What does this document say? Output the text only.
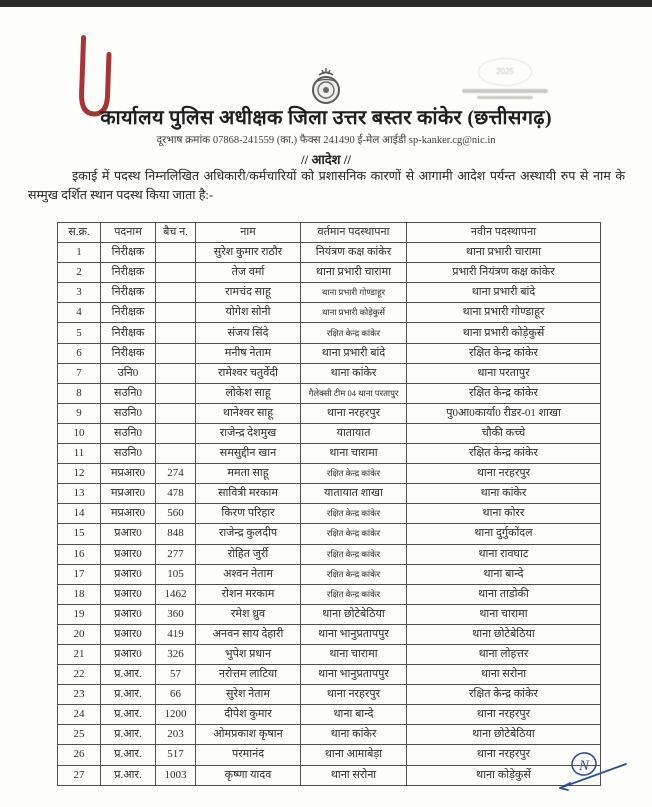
2025
कार्यालय पुलिस अधीक्षक जिला उत्तर बस्तर कांकेर (छत्तीसगढ़)
दूरभाष क्रमांक 07868-241559 (का.) फैक्स 241490 ई-मेल आईडी sp-kanker.cg@nic.in
// आदेश //
इकाई में पदस्थ निम्नलिखित अधिकारी/कर्मचारियों को प्रशासनिक कारणों से आगामी आदेश पर्यन्त अस्थायी रुप से नाम के सम्मुख दर्शित स्थान पदस्थ किया जाता है:-
स.क्र.	पदनाम	बैच न.	नाम	वर्तमान पदस्थापना	नवीन पदस्थापना
1	निरीक्षक		सुरेश कुमार राठौर	नियंत्रण कक्ष कांकेर	थाना प्रभारी चारामा
2	निरीक्षक		तेज वर्मा	थाना प्रभारी चारामा	प्रभारी नियंत्रण कक्ष कांकेर
3	निरीक्षक		रामचंद साहू	थाना प्रभारी गोण्डाहूर	थाना प्रभारी बांदे
4	निरीक्षक		योगेश सोनी	थाना प्रभारी कोड़ेकुर्से	थाना प्रभारी गोण्डाहूर
5	निरीक्षक		संजय सिंदे	रक्षित केन्द्र कांकेर	थाना प्रभारी कोड़ेकुर्से
6	निरीक्षक		मनीष नेताम	थाना प्रभारी बांदे	रक्षित केन्द्र कांकेर
7	उनि0		रामेश्वर चतुर्वेदी	थाना कांकेर	थाना परतापुर
8	सउनि0		लोकेश साहू	गैलेक्सी टीम 04 थाना परतापुर	रक्षित केन्द्र कांकेर
9	सउनि0		थानेश्वर साहू	थाना नरहरपुर	पु0आ0कार्या0 रीडर-01 शाखा
10	सउनि0		राजेन्द्र देशमुख	यातायात	चौकी कच्चे
11	सउनि0		समसुद्दीन खान	थाना चारामा	रक्षित केन्द्र कांकेर
12	मप्रआर0	274	ममता साहू	रक्षित केन्द्र कांकेर	थाना नरहरपुर
13	मप्रआर0	478	सावित्री मरकाम	यातायात शाखा	थाना कांकेर
14	मप्रआर0	560	किरण परिहार	रक्षित केन्द्र कांकेर	थाना कोरर
15	प्रआर0	848	राजेन्द्र कुलदीप	रक्षित केन्द्र कांकेर	थाना दुर्गुकोंदल
16	प्रआर0	277	रोहित जुर्री	रक्षित केन्द्र कांकेर	थाना रावघाट
17	प्रआर0	105	अश्वन नेताम	रक्षित केन्द्र कांकेर	थाना बान्दे
18	प्रआर0	1462	रोशन मरकाम	रक्षित केन्द्र कांकेर	थाना ताडोकी
19	प्रआर0	360	रमेश ध्रुव	थाना छोटेबेठिया	थाना चारामा
20	प्रआर0	419	अनवन साय देहारी	थाना भानुप्रतापपुर	थाना छोटेबेठिया
21	प्रआर0	326	भुपेश प्रधान	थाना चारामा	थाना लोहत्तर
22	प्र.आर.	57	नरोत्तम लाटिया	थाना भानुप्रतापपुर	थाना सरोना
23	प्र.आर.	66	सुरेश नेताम	थाना नरहरपुर	रक्षित केन्द्र कांकेर
24	प्र.आर.	1200	दीपेश कुमार	थाना बान्दे	थाना नरहरपुर
25	प्र.आर.	203	ओमप्रकाश कृषान	थाना कांकेर	थाना छोटेबेठिया
26	प्र.आर.	517	परमानंद	थाना आमाबेड़ा	थाना नरहरपुर
27	प्र.आर.	1003	कृष्णा यादव	थाना सरोना	थाना कोड़ेकुर्से
N
